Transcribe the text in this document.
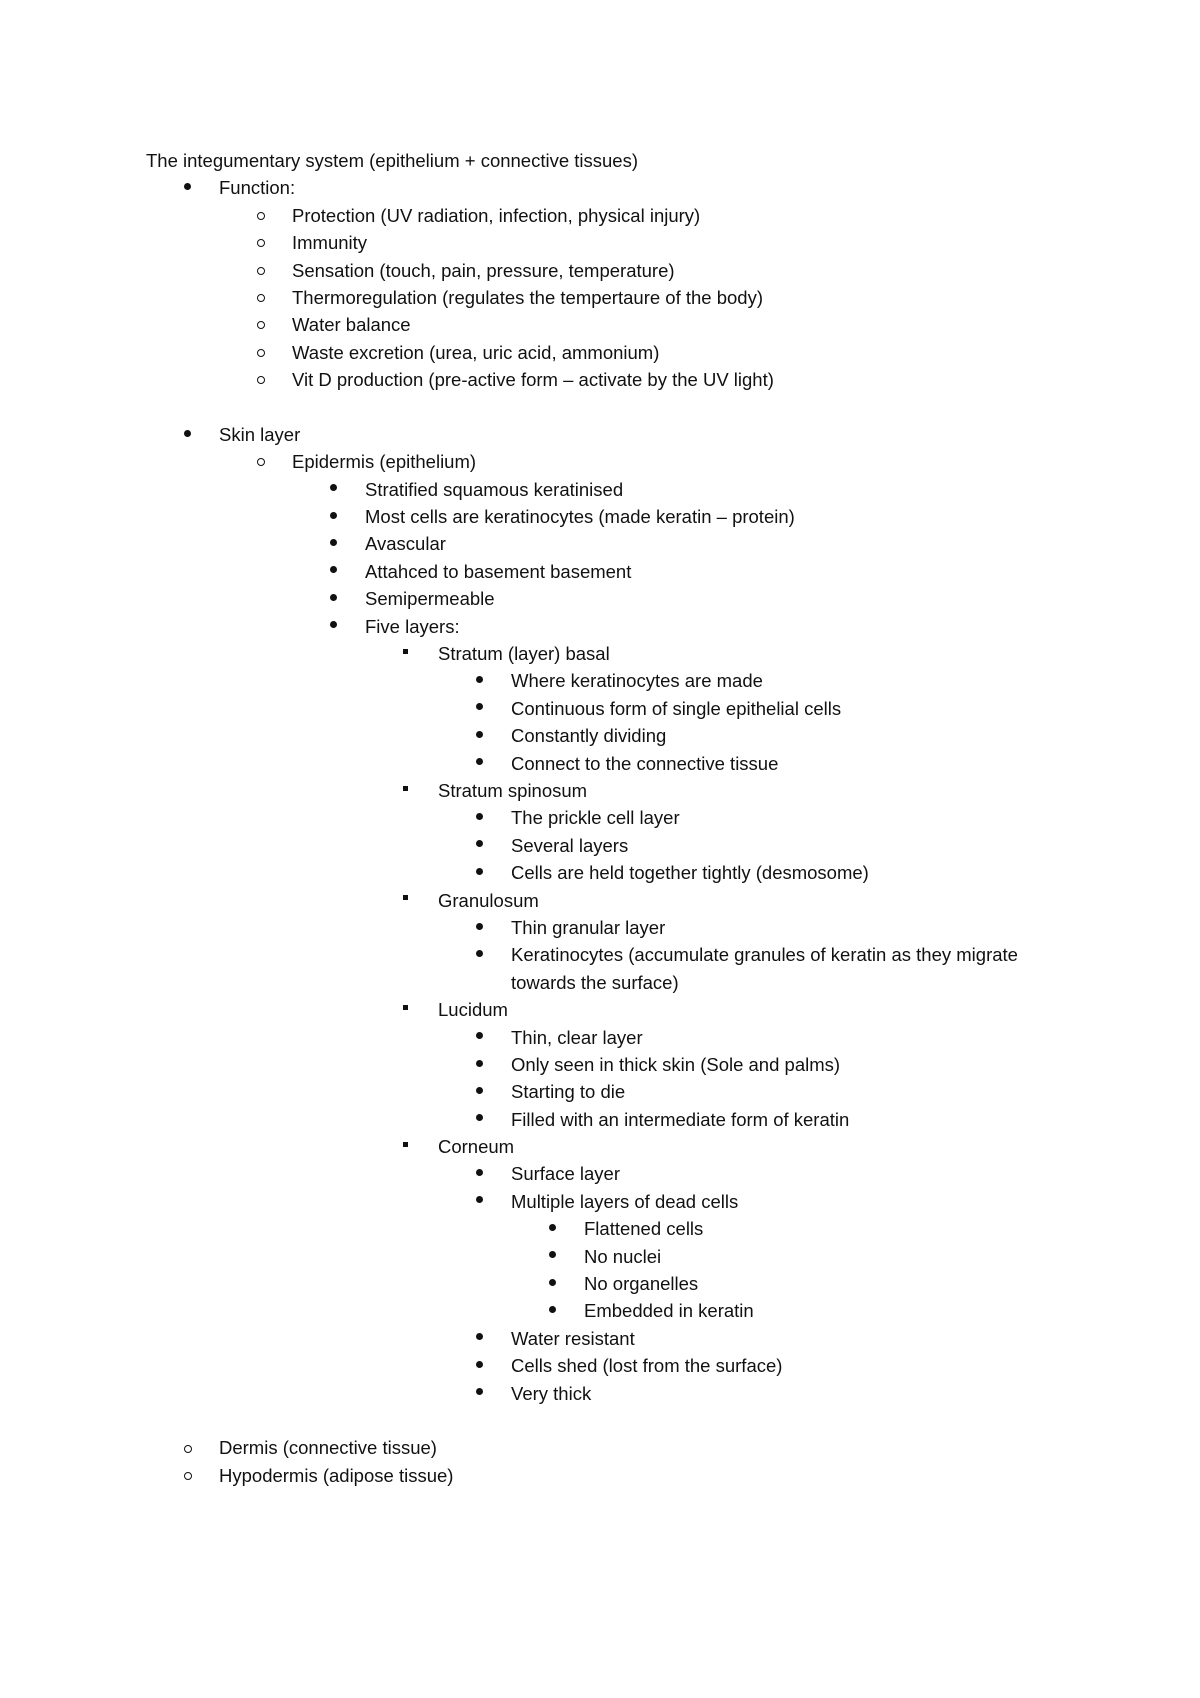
The integumentary system (epithelium + connective tissues)
Function:
Protection (UV radiation, infection, physical injury)
Immunity
Sensation (touch, pain, pressure, temperature)
Thermoregulation (regulates the tempertaure of the body)
Water balance
Waste excretion (urea, uric acid, ammonium)
Vit D production (pre-active form – activate by the UV light)
Skin layer
Epidermis (epithelium)
Stratified squamous keratinised
Most cells are keratinocytes (made keratin – protein)
Avascular
Attahced to basement basement
Semipermeable
Five layers:
Stratum (layer) basal
Where keratinocytes are made
Continuous form of single epithelial cells
Constantly dividing
Connect to the connective tissue
Stratum spinosum
The prickle cell layer
Several layers
Cells are held together tightly (desmosome)
Granulosum
Thin granular layer
Keratinocytes (accumulate granules of keratin as they migrate towards the surface)
Lucidum
Thin, clear layer
Only seen in thick skin (Sole and palms)
Starting to die
Filled with an intermediate form of keratin
Corneum
Surface layer
Multiple layers of dead cells
Flattened cells
No nuclei
No organelles
Embedded in keratin
Water resistant
Cells shed (lost from the surface)
Very thick
Dermis (connective tissue)
Hypodermis (adipose tissue)
